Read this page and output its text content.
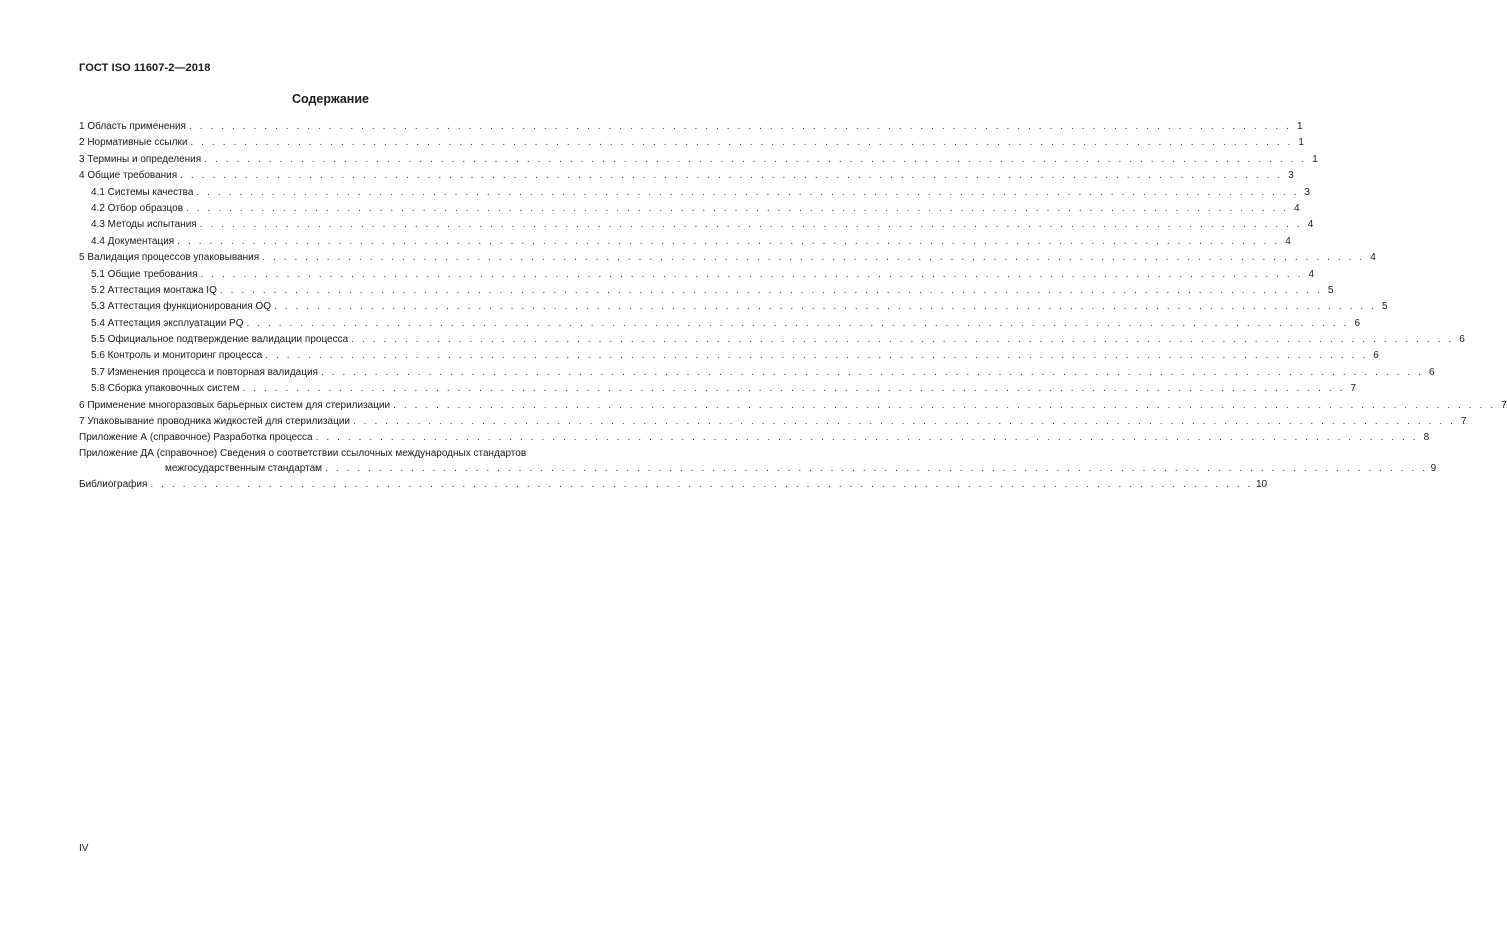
ГОСТ ISO 11607-2—2018
Содержание
1 Область применения . . . . . . . . . . . . . . . . . . . . . . . . . . . . . . . . . . . . . . . . . . . . . . . . . . . . . . . . . . . . . . . . . . . . . . . . . . . . . . . . . . . . . . . . . . . . . . . . . . . . . . . 1
2 Нормативные ссылки . . . . . . . . . . . . . . . . . . . . . . . . . . . . . . . . . . . . . . . . . . . . . . . . . . . . . . . . . . . . . . . . . . . . . . . . . . . . . . . . . . . . . . . . . . . . . . . . . . . . . . . 1
3 Термины и определения . . . . . . . . . . . . . . . . . . . . . . . . . . . . . . . . . . . . . . . . . . . . . . . . . . . . . . . . . . . . . . . . . . . . . . . . . . . . . . . . . . . . . . . . . . . . . . . . . . . . . . . 1
4 Общие требования . . . . . . . . . . . . . . . . . . . . . . . . . . . . . . . . . . . . . . . . . . . . . . . . . . . . . . . . . . . . . . . . . . . . . . . . . . . . . . . . . . . . . . . . . . . . . . . . . . . . . . . 3
4.1 Системы качества . . . . . . . . . . . . . . . . . . . . . . . . . . . . . . . . . . . . . . . . . . . . . . . . . . . . . . . . . . . . . . . . . . . . . . . . . . . . . . . . . . . . . . . . . . . . . . . . . . . . . . . 3
4.2 Отбор образцов . . . . . . . . . . . . . . . . . . . . . . . . . . . . . . . . . . . . . . . . . . . . . . . . . . . . . . . . . . . . . . . . . . . . . . . . . . . . . . . . . . . . . . . . . . . . . . . . . . . . . . . 4
4.3 Методы испытания . . . . . . . . . . . . . . . . . . . . . . . . . . . . . . . . . . . . . . . . . . . . . . . . . . . . . . . . . . . . . . . . . . . . . . . . . . . . . . . . . . . . . . . . . . . . . . . . . . . . . . . 4
4.4 Документация . . . . . . . . . . . . . . . . . . . . . . . . . . . . . . . . . . . . . . . . . . . . . . . . . . . . . . . . . . . . . . . . . . . . . . . . . . . . . . . . . . . . . . . . . . . . . . . . . . . . . . . 4
5 Валидация процессов упаковывания . . . . . . . . . . . . . . . . . . . . . . . . . . . . . . . . . . . . . . . . . . . . . . . . . . . . . . . . . . . . . . . . . . . . . . . . . . . . . . . . . . . . . . . . . . . . . . . . . . . . . . . 4
5.1 Общие требования . . . . . . . . . . . . . . . . . . . . . . . . . . . . . . . . . . . . . . . . . . . . . . . . . . . . . . . . . . . . . . . . . . . . . . . . . . . . . . . . . . . . . . . . . . . . . . . . . . . . . . . 4
5.2 Аттестация монтажа IQ . . . . . . . . . . . . . . . . . . . . . . . . . . . . . . . . . . . . . . . . . . . . . . . . . . . . . . . . . . . . . . . . . . . . . . . . . . . . . . . . . . . . . . . . . . . . . . . . . . . . . . . 5
5.3 Аттестация функционирования OQ . . . . . . . . . . . . . . . . . . . . . . . . . . . . . . . . . . . . . . . . . . . . . . . . . . . . . . . . . . . . . . . . . . . . . . . . . . . . . . . . . . . . . . . . . . . . . . . . . . . . . . . 5
5.4 Аттестация эксплуатации PQ . . . . . . . . . . . . . . . . . . . . . . . . . . . . . . . . . . . . . . . . . . . . . . . . . . . . . . . . . . . . . . . . . . . . . . . . . . . . . . . . . . . . . . . . . . . . . . . . . . . . . . . 6
5.5 Официальное подтверждение валидации процесса . . . . . . . . . . . . . . . . . . . . . . . . . . . . . . . . . . . . . . . . . . . . . . . . . . . . . . . . . . . . . . . . . . . . . . . . . . . . . . . . . . . . . . . . . . . . . . . . . . . . . . . 6
5.6 Контроль и мониторинг процесса . . . . . . . . . . . . . . . . . . . . . . . . . . . . . . . . . . . . . . . . . . . . . . . . . . . . . . . . . . . . . . . . . . . . . . . . . . . . . . . . . . . . . . . . . . . . . . . . . . . . . . . 6
5.7 Изменения процесса и повторная валидация . . . . . . . . . . . . . . . . . . . . . . . . . . . . . . . . . . . . . . . . . . . . . . . . . . . . . . . . . . . . . . . . . . . . . . . . . . . . . . . . . . . . . . . . . . . . . . . . . . . . . . . 6
5.8 Сборка упаковочных систем . . . . . . . . . . . . . . . . . . . . . . . . . . . . . . . . . . . . . . . . . . . . . . . . . . . . . . . . . . . . . . . . . . . . . . . . . . . . . . . . . . . . . . . . . . . . . . . . . . . . . . . 7
6 Применение многоразовых барьерных систем для стерилизации . . . . . . . . . . . . . . . . . . . . . . . . . . . . . . . . . . . . . . . . . . . . . . . . . . . . . . . . . . . . . . . . . . . . . . . . . . . . . . . . . . . . . . . . . . . . . . . . . . . . . . . 7
7 Упаковывание проводника жидкостей для стерилизации . . . . . . . . . . . . . . . . . . . . . . . . . . . . . . . . . . . . . . . . . . . . . . . . . . . . . . . . . . . . . . . . . . . . . . . . . . . . . . . . . . . . . . . . . . . . . . . . . . . . . . . 7
Приложение А (справочное) Разработка процесса . . . . . . . . . . . . . . . . . . . . . . . . . . . . . . . . . . . . . . . . . . . . . . . . . . . . . . . . . . . . . . . . . . . . . . . . . . . . . . . . . . . . . . . . . . . . . . . . . . . . . . . 8
Приложение ДА (справочное) Сведения о соответствии ссылочных международных стандартов
межгосударственным стандартам . . . . . . . . . . . . . . . . . . . . . . . . . . . . . . . . . . . . . . . . . . . . . . . . . . . . . . . . . . . . . . . . . . . . . . . . . . . . . . . . . . . . . . . . . . . . . . . . . . . . . . . 9
Библиография . . . . . . . . . . . . . . . . . . . . . . . . . . . . . . . . . . . . . . . . . . . . . . . . . . . . . . . . . . . . . . . . . . . . . . . . . . . . . . . . . . . . . . . . . . . . . . . . . . . . . . . 10
IV
